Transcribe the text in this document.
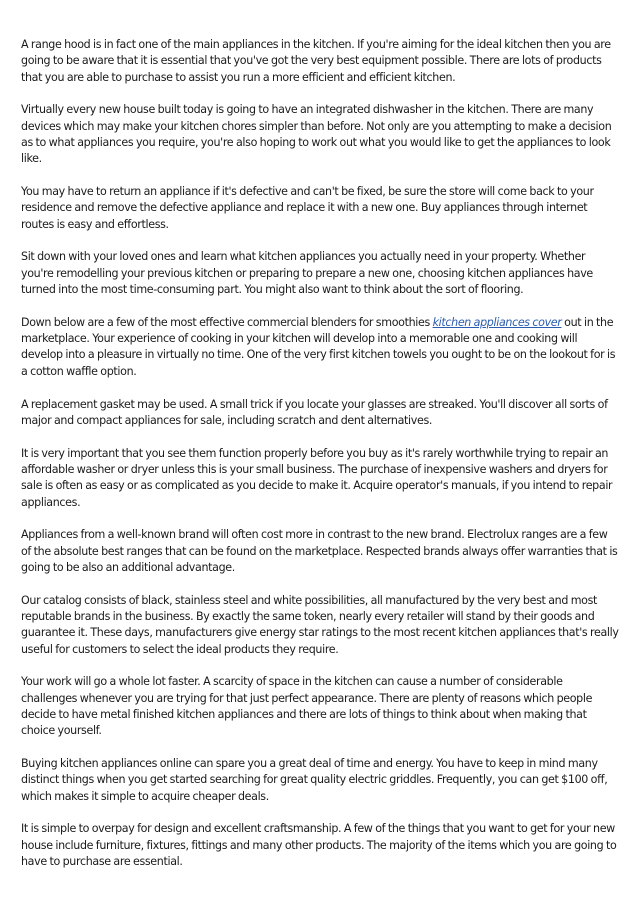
A range hood is in fact one of the main appliances in the kitchen. If you're aiming for the ideal kitchen then you are going to be aware that it is essential that you've got the very best equipment possible. There are lots of products that you are able to purchase to assist you run a more efficient and efficient kitchen.

Virtually every new house built today is going to have an integrated dishwasher in the kitchen. There are many devices which may make your kitchen chores simpler than before. Not only are you attempting to make a decision as to what appliances you require, you're also hoping to work out what you would like to get the appliances to look like.

You may have to return an appliance if it's defective and can't be fixed, be sure the store will come back to your residence and remove the defective appliance and replace it with a new one. Buy appliances through internet routes is easy and effortless.

Sit down with your loved ones and learn what kitchen appliances you actually need in your property. Whether you're remodelling your previous kitchen or preparing to prepare a new one, choosing kitchen appliances have turned into the most time-consuming part. You might also want to think about the sort of flooring.

Down below are a few of the most effective commercial blenders for smoothies kitchen appliances cover out in the marketplace. Your experience of cooking in your kitchen will develop into a memorable one and cooking will develop into a pleasure in virtually no time. One of the very first kitchen towels you ought to be on the lookout for is a cotton waffle option.

A replacement gasket may be used. A small trick if you locate your glasses are streaked. You'll discover all sorts of major and compact appliances for sale, including scratch and dent alternatives.

It is very important that you see them function properly before you buy as it's rarely worthwhile trying to repair an affordable washer or dryer unless this is your small business. The purchase of inexpensive washers and dryers for sale is often as easy or as complicated as you decide to make it. Acquire operator's manuals, if you intend to repair appliances.

Appliances from a well-known brand will often cost more in contrast to the new brand. Electrolux ranges are a few of the absolute best ranges that can be found on the marketplace. Respected brands always offer warranties that is going to be also an additional advantage.

Our catalog consists of black, stainless steel and white possibilities, all manufactured by the very best and most reputable brands in the business. By exactly the same token, nearly every retailer will stand by their goods and guarantee it. These days, manufacturers give energy star ratings to the most recent kitchen appliances that's really useful for customers to select the ideal products they require.

Your work will go a whole lot faster. A scarcity of space in the kitchen can cause a number of considerable challenges whenever you are trying for that just perfect appearance. There are plenty of reasons which people decide to have metal finished kitchen appliances and there are lots of things to think about when making that choice yourself.

Buying kitchen appliances online can spare you a great deal of time and energy. You have to keep in mind many distinct things when you get started searching for great quality electric griddles. Frequently, you can get $100 off, which makes it simple to acquire cheaper deals.

It is simple to overpay for design and excellent craftsmanship. A few of the things that you want to get for your new house include furniture, fixtures, fittings and many other products. The majority of the items which you are going to have to purchase are essential.
